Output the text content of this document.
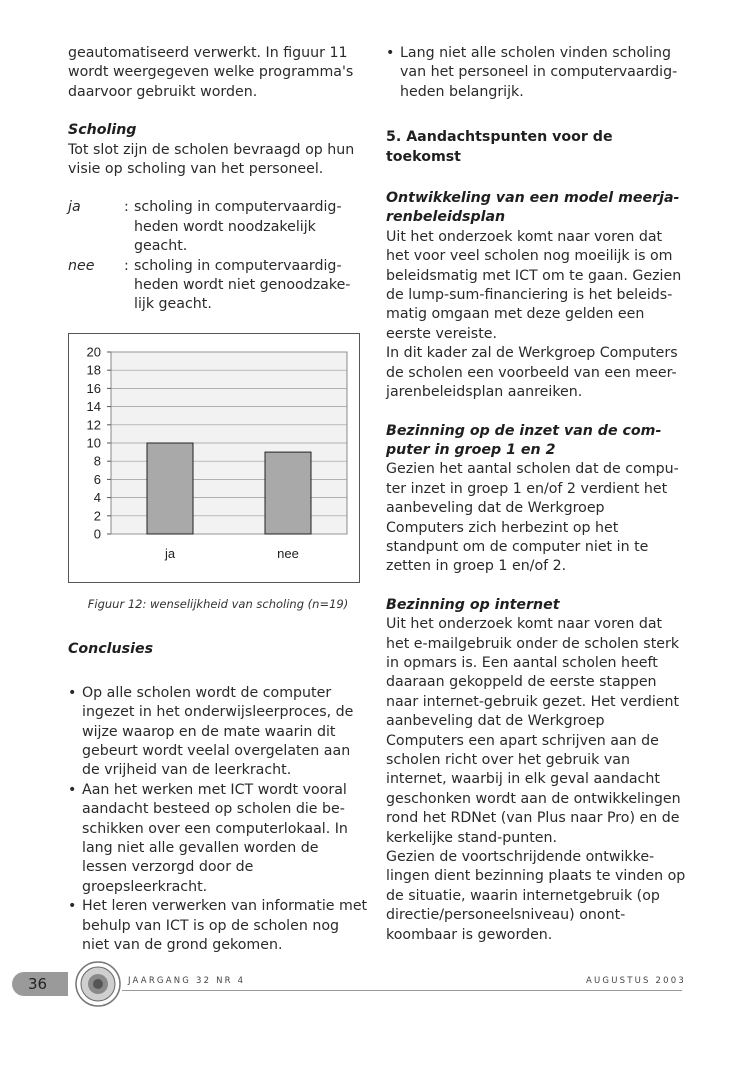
geautomatiseerd verwerkt. In figuur 11 wordt weergegeven welke programma's daarvoor gebruikt worden.

Scholing

Tot slot zijn de scholen bevraagd op hun visie op scholing van het personeel.

ja	: scholing in computervaardig-heden wordt noodzakelijk geacht.
nee	: scholing in computervaardig-heden wordt niet genoodzake-lijk geacht.
0
2
4
6
8
10
12
14
16
18
20
ja	nee

Figuur 12: wenselijkheid van scholing (n=19)

Conclusies

• Op alle scholen wordt de computer ingezet in het onderwijsleerproces, de wijze waarop en de mate waarin dit gebeurt wordt veelal overgelaten aan de vrijheid van de leerkracht.
• Aan het werken met ICT wordt vooral aandacht besteed op scholen die be-schikken over een computerlokaal. In lang niet alle gevallen worden de lessen verzorgd door de groepsleerkracht.
• Het leren verwerken van informatie met behulp van ICT is op de scholen nog niet van de grond gekomen.
• Lang niet alle scholen vinden scholing van het personeel in computervaardig-heden belangrijk.

5. Aandachtspunten voor de toekomst

Ontwikkeling van een model meerja-renbeleidsplan

Uit het onderzoek komt naar voren dat het voor veel scholen nog moeilijk is om beleidsmatig met ICT om te gaan. Gezien de lump-sum-financiering is het beleids-matig omgaan met deze gelden een eerste vereiste.

In dit kader zal de Werkgroep Computers de scholen een voorbeeld van een meer-jarenbeleidsplan aanreiken.

Bezinning op de inzet van de com-puter in groep 1 en 2

Gezien het aantal scholen dat de compu-ter inzet in groep 1 en/of 2 verdient het aanbeveling dat de Werkgroep Computers zich herbezint op het standpunt om de computer niet in te zetten in groep 1 en/of 2.

Bezinning op internet

Uit het onderzoek komt naar voren dat het e-mailgebruik onder de scholen sterk in opmars is. Een aantal scholen heeft daaraan gekoppeld de eerste stappen naar internet-gebruik gezet. Het verdient aanbeveling dat de Werkgroep Computers een apart schrijven aan de scholen richt over het gebruik van internet, waarbij in elk geval aandacht geschonken wordt aan de ontwikkelingen rond het RDNet (van Plus naar Pro) en de kerkelijke stand-punten.

Gezien de voortschrijdende ontwikke-lingen dient bezinning plaats te vinden op de situatie, waarin internetgebruik (op directie/personeelsniveau) onont-koombaar is geworden.

36	JAARGANG 32 NR 4	AUGUSTUS 2003
